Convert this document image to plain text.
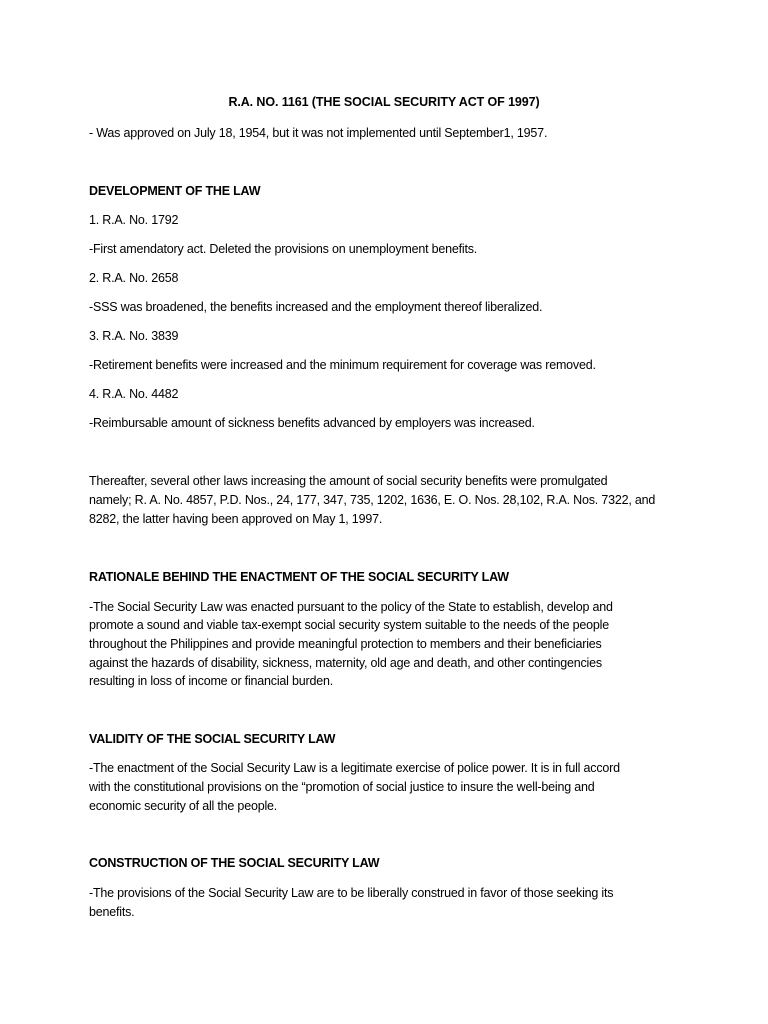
R.A. NO. 1161 (THE SOCIAL SECURITY ACT OF 1997)
- Was approved on July 18, 1954, but it was not implemented until September1, 1957.
DEVELOPMENT OF THE LAW
1. R.A. No. 1792
-First amendatory act. Deleted the provisions on unemployment benefits.
2. R.A. No. 2658
-SSS was broadened, the benefits increased and the employment thereof liberalized.
3. R.A. No. 3839
-Retirement benefits were increased and the minimum requirement for coverage was removed.
4. R.A. No. 4482
-Reimbursable amount of sickness benefits advanced by employers was increased.
Thereafter, several other laws increasing the amount of social security benefits were promulgated
namely; R. A. No. 4857, P.D. Nos., 24, 177, 347, 735, 1202, 1636, E. O. Nos. 28,102, R.A. Nos. 7322, and
8282, the latter having been approved on May 1, 1997.
RATIONALE BEHIND THE ENACTMENT OF THE SOCIAL SECURITY LAW
-The Social Security Law was enacted pursuant to the policy of the State to establish, develop and
promote a sound and viable tax-exempt social security system suitable to the needs of the people
throughout the Philippines and provide meaningful protection to members and their beneficiaries
against the hazards of disability, sickness, maternity, old age and death, and other contingencies
resulting in loss of income or financial burden.
VALIDITY OF THE SOCIAL SECURITY LAW
-The enactment of the Social Security Law is a legitimate exercise of police power. It is in full accord
with the constitutional provisions on the “promotion of social justice to insure the well-being and
economic security of all the people.
CONSTRUCTION OF THE SOCIAL SECURITY LAW
-The provisions of the Social Security Law are to be liberally construed in favor of those seeking its
benefits.
